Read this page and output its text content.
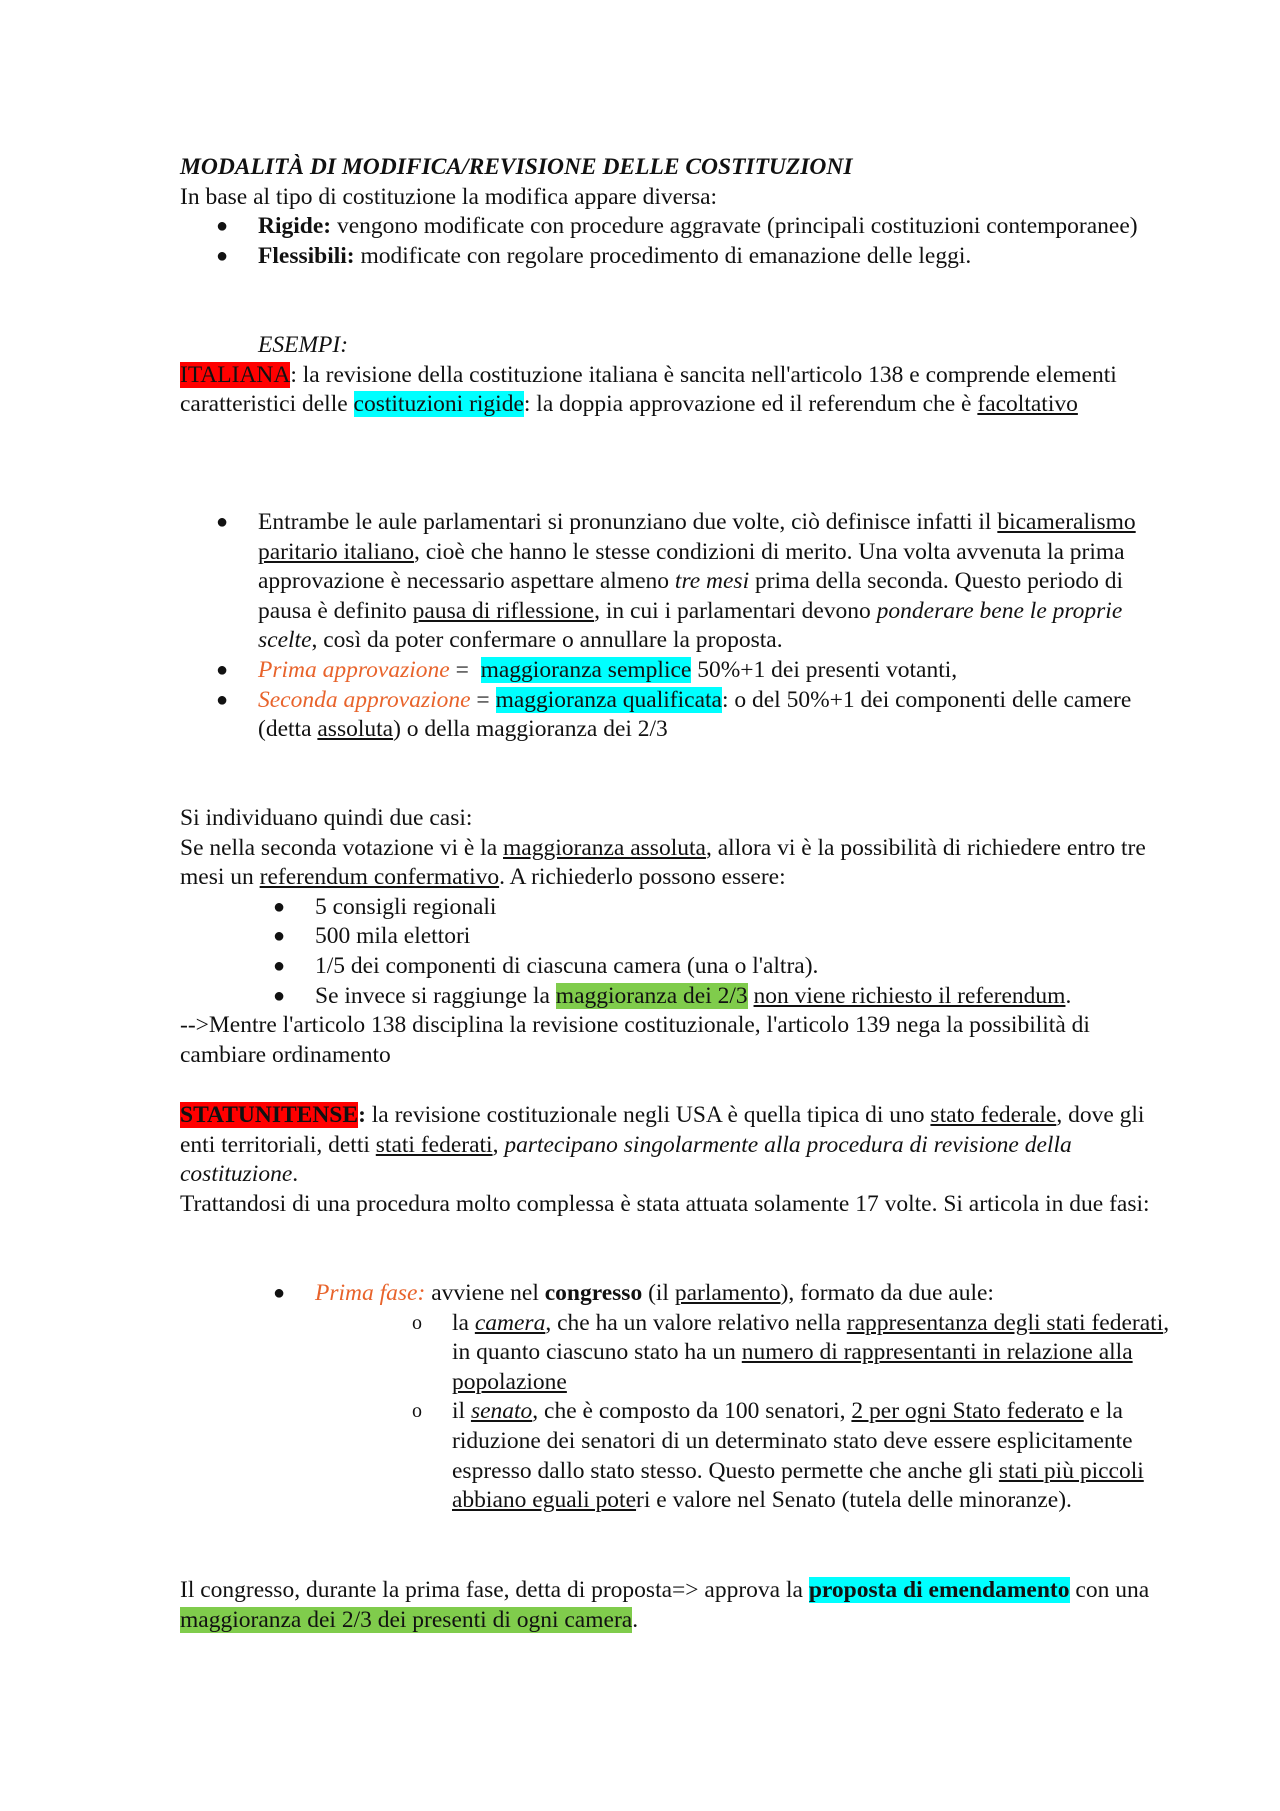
MODALITÀ DI MODIFICA/REVISIONE DELLE COSTITUZIONI
In base al tipo di costituzione la modifica appare diversa:
● Rigide: vengono modificate con procedure aggravate (principali costituzioni contemporanee)
● Flessibili: modificate con regolare procedimento di emanazione delle leggi.
ESEMPI:
ITALIANA: la revisione della costituzione italiana è sancita nell'articolo 138 e comprende elementi caratteristici delle costituzioni rigide: la doppia approvazione ed il referendum che è facoltativo
● Entrambe le aule parlamentari si pronunziano due volte, ciò definisce infatti il bicameralismo paritario italiano, cioè che hanno le stesse condizioni di merito. Una volta avvenuta la prima approvazione è necessario aspettare almeno tre mesi prima della seconda. Questo periodo di pausa è definito pausa di riflessione, in cui i parlamentari devono ponderare bene le proprie scelte, così da poter confermare o annullare la proposta.
● Prima approvazione =  maggioranza semplice 50%+1 dei presenti votanti,
● Seconda approvazione = maggioranza qualificata: o del 50%+1 dei componenti delle camere (detta assoluta) o della maggioranza dei 2/3
Si individuano quindi due casi:
Se nella seconda votazione vi è la maggioranza assoluta, allora vi è la possibilità di richiedere entro tre mesi un referendum confermativo. A richiederlo possono essere:
● 5 consigli regionali
● 500 mila elettori
● 1/5 dei componenti di ciascuna camera (una o l'altra).
● Se invece si raggiunge la maggioranza dei 2/3 non viene richiesto il referendum.
-->Mentre l'articolo 138 disciplina la revisione costituzionale, l'articolo 139 nega la possibilità di cambiare ordinamento
STATUNITENSE: la revisione costituzionale negli USA è quella tipica di uno stato federale, dove gli enti territoriali, detti stati federati, partecipano singolarmente alla procedura di revisione della costituzione.
Trattandosi di una procedura molto complessa è stata attuata solamente 17 volte. Si articola in due fasi:
● Prima fase: avviene nel congresso (il parlamento), formato da due aule:
o la camera, che ha un valore relativo nella rappresentanza degli stati federati, in quanto ciascuno stato ha un numero di rappresentanti in relazione alla popolazione
o il senato, che è composto da 100 senatori, 2 per ogni Stato federato e la riduzione dei senatori di un determinato stato deve essere esplicitamente espresso dallo stato stesso. Questo permette che anche gli stati più piccoli abbiano eguali poteri e valore nel Senato (tutela delle minoranze).
Il congresso, durante la prima fase, detta di proposta=> approva la proposta di emendamento con una maggioranza dei 2/3 dei presenti di ogni camera.
